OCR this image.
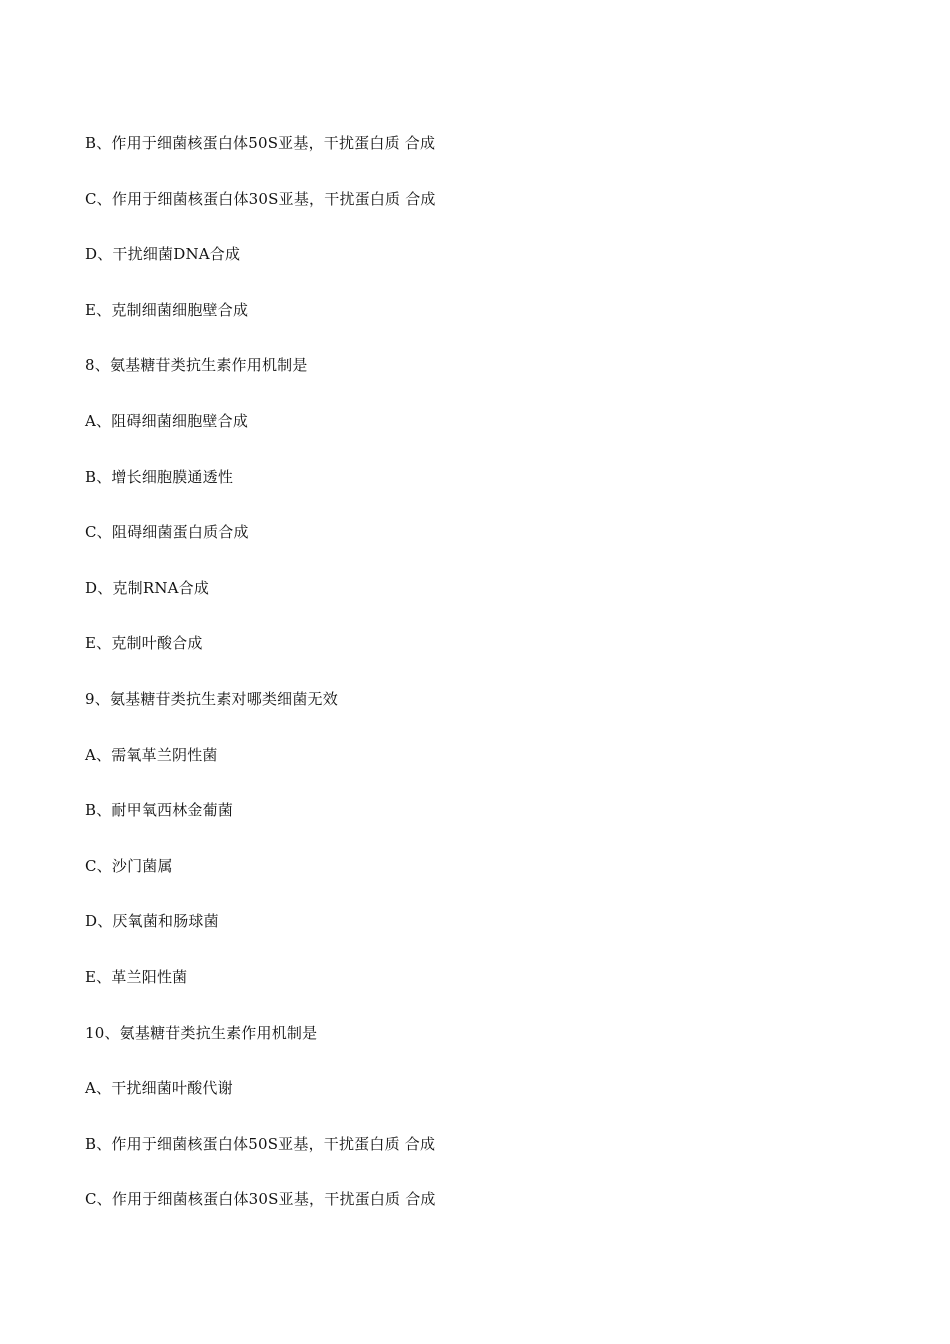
B、作用于细菌核蛋白体50S亚基，干扰蛋白质 合成
C、作用于细菌核蛋白体30S亚基，干扰蛋白质 合成
D、干扰细菌DNA合成
E、克制细菌细胞壁合成
8、氨基糖苷类抗生素作用机制是
A、阻碍细菌细胞壁合成
B、增长细胞膜通透性
C、阻碍细菌蛋白质合成
D、克制RNA合成
E、克制叶酸合成
9、氨基糖苷类抗生素对哪类细菌无效
A、需氧革兰阴性菌
B、耐甲氧西林金葡菌
C、沙门菌属
D、厌氧菌和肠球菌
E、革兰阳性菌
10、氨基糖苷类抗生素作用机制是
A、干扰细菌叶酸代谢
B、作用于细菌核蛋白体50S亚基，干扰蛋白质 合成
C、作用于细菌核蛋白体30S亚基，干扰蛋白质 合成
